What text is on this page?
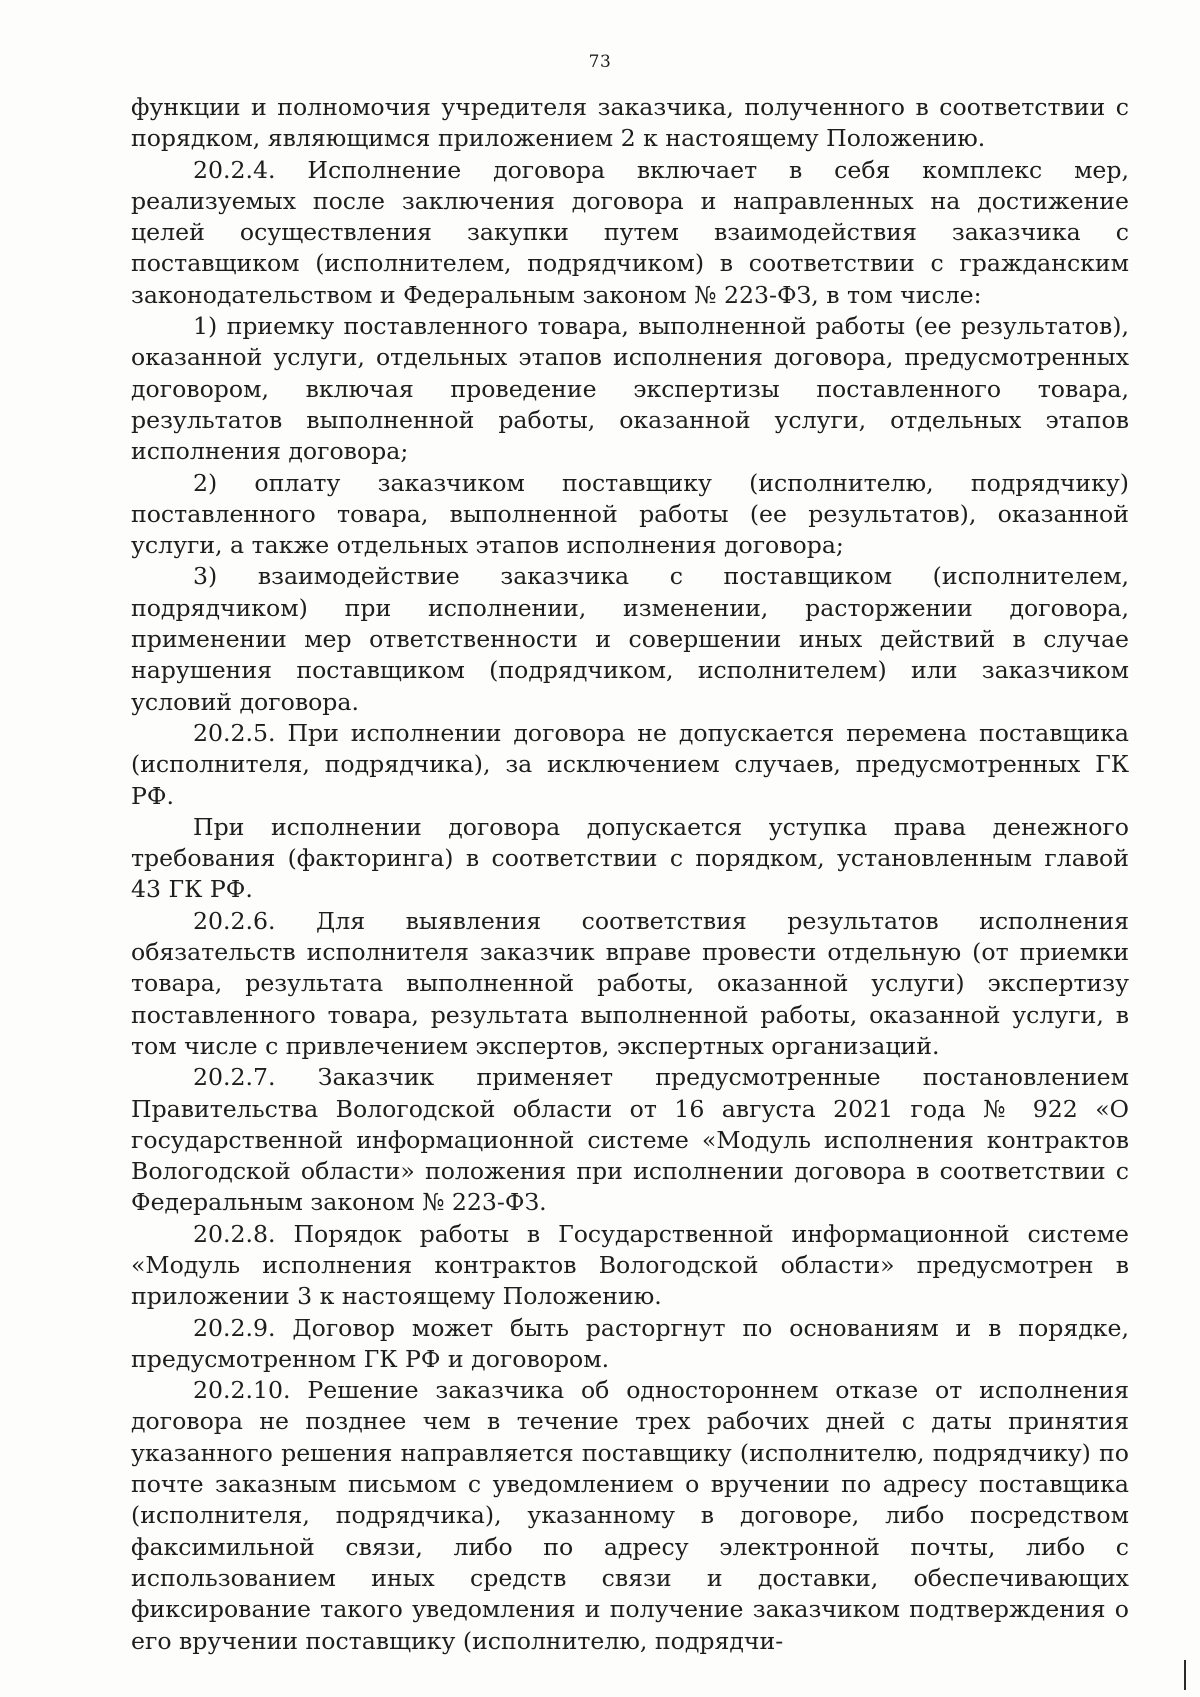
73

функции и полномочия учредителя заказчика, полученного в соответствии с порядком, являющимся приложением 2 к настоящему Положению.

20.2.4. Исполнение договора включает в себя комплекс мер, реализуемых после заключения договора и направленных на достижение целей осуществления закупки путем взаимодействия заказчика с поставщиком (исполнителем, подрядчиком) в соответствии с гражданским законодательством и Федеральным законом № 223-ФЗ, в том числе:

1) приемку поставленного товара, выполненной работы (ее результатов), оказанной услуги, отдельных этапов исполнения договора, предусмотренных договором, включая проведение экспертизы поставленного товара, результатов выполненной работы, оказанной услуги, отдельных этапов исполнения договора;

2) оплату заказчиком поставщику (исполнителю, подрядчику) поставленного товара, выполненной работы (ее результатов), оказанной услуги, а также отдельных этапов исполнения договора;

3) взаимодействие заказчика с поставщиком (исполнителем, подрядчиком) при исполнении, изменении, расторжении договора, применении мер ответственности и совершении иных действий в случае нарушения поставщиком (подрядчиком, исполнителем) или заказчиком условий договора.

20.2.5. При исполнении договора не допускается перемена поставщика (исполнителя, подрядчика), за исключением случаев, предусмотренных ГК РФ.

При исполнении договора допускается уступка права денежного требования (факторинга) в соответствии с порядком, установленным главой 43 ГК РФ.

20.2.6. Для выявления соответствия результатов исполнения обязательств исполнителя заказчик вправе провести отдельную (от приемки товара, результата выполненной работы, оказанной услуги) экспертизу поставленного товара, результата выполненной работы, оказанной услуги, в том числе с привлечением экспертов, экспертных организаций.

20.2.7. Заказчик применяет предусмотренные постановлением Правительства Вологодской области от 16 августа 2021 года № 922 «О государственной информационной системе «Модуль исполнения контрактов Вологодской области» положения при исполнении договора в соответствии с Федеральным законом № 223-ФЗ.

20.2.8. Порядок работы в Государственной информационной системе «Модуль исполнения контрактов Вологодской области» предусмотрен в приложении 3 к настоящему Положению.

20.2.9. Договор может быть расторгнут по основаниям и в порядке, предусмотренном ГК РФ и договором.

20.2.10. Решение заказчика об одностороннем отказе от исполнения договора не позднее чем в течение трех рабочих дней с даты принятия указанного решения направляется поставщику (исполнителю, подрядчику) по почте заказным письмом с уведомлением о вручении по адресу поставщика (исполнителя, подрядчика), указанному в договоре, либо посредством факсимильной связи, либо по адресу электронной почты, либо с использованием иных средств связи и доставки, обеспечивающих фиксирование такого уведомления и получение заказчиком подтверждения о его вручении поставщику (исполнителю, подрядчи-
